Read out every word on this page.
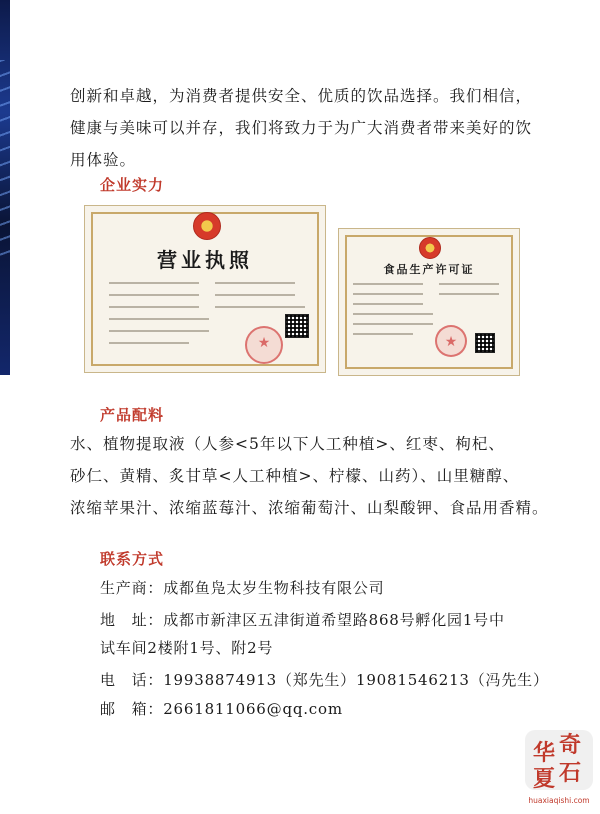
创新和卓越，为消费者提供安全、优质的饮品选择。我们相信，
健康与美味可以并存，我们将致力于为广大消费者带来美好的饮
用体验。
企业实力
营业执照
★	食品生产许可证
★
产品配料
水、植物提取液（人参<5年以下人工种植>、红枣、枸杞、
砂仁、黄精、炙甘草<人工种植>、柠檬、山药）、山里糖醇、
浓缩苹果汁、浓缩蓝莓汁、浓缩葡萄汁、山梨酸钾、食品用香精。
联系方式
生产商：成都鱼凫太岁生物科技有限公司
地　址：成都市新津区五津街道希望路868号孵化园1号中
试车间2楼附1号、附2号
电　话：19938874913（郑先生）19081546213（冯先生）
邮　箱：2661811066@qq.com
华 奇
夏 石
huaxiaqishi.com
